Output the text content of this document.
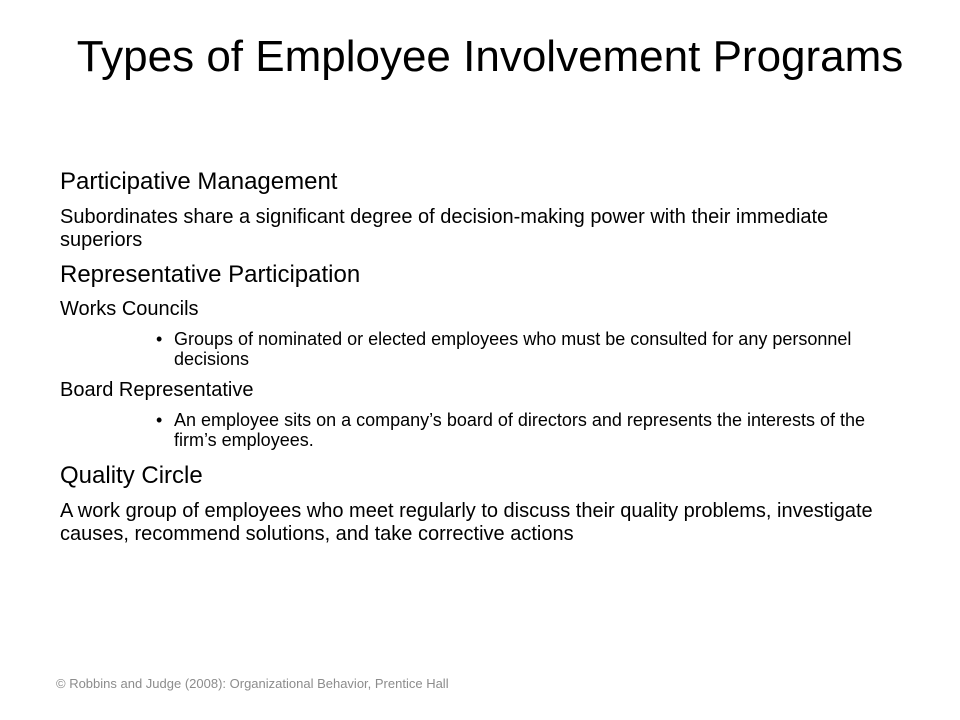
Types of Employee Involvement Programs

Participative Management

Subordinates share a significant degree of decision-making power with their immediate superiors

Representative Participation

Works Councils

• Groups of nominated or elected employees who must be consulted for any personnel decisions

Board Representative

• An employee sits on a company’s board of directors and represents the interests of the firm’s employees.

Quality Circle

A work group of employees who meet regularly to discuss their quality problems, investigate causes, recommend solutions, and take corrective actions

© Robbins and Judge (2008): Organizational Behavior, Prentice Hall
